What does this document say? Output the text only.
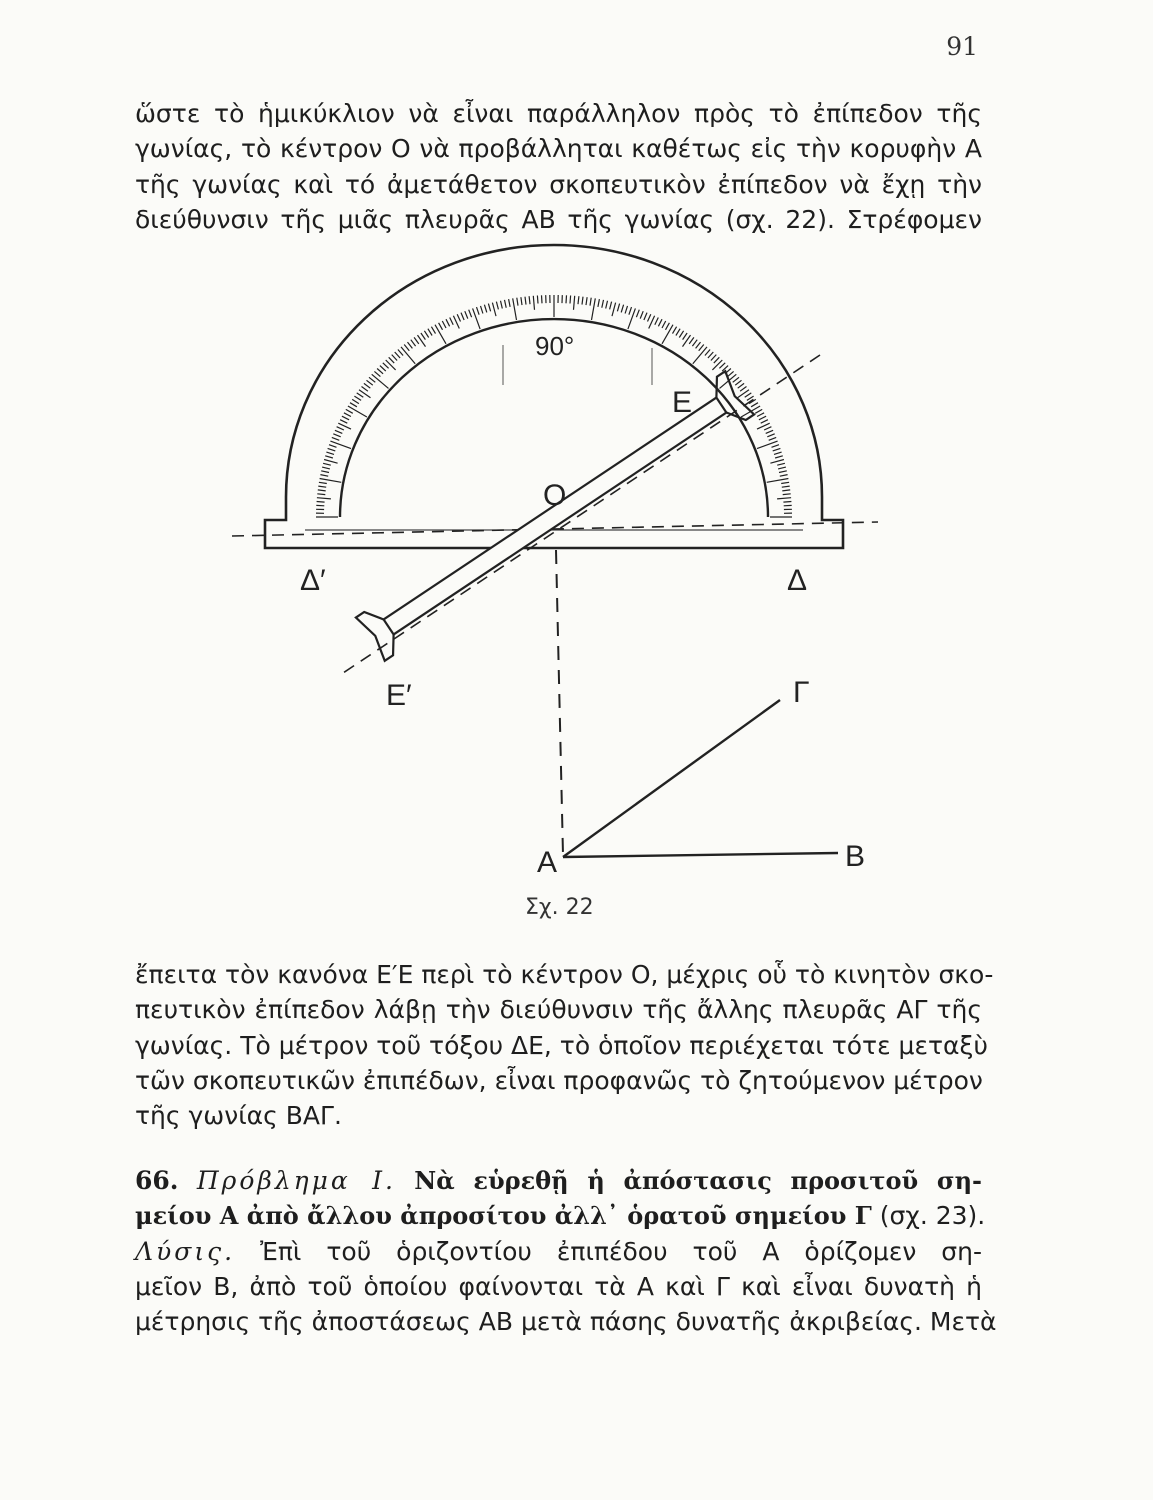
91

ὥστε τὸ ἡμικύκλιον νὰ εἶναι παράλληλον πρὸς τὸ ἐπίπεδον τῆς
γωνίας, τὸ κέντρον Ο νὰ προβάλληται καθέτως εἰς τὴν κορυφὴν Α
τῆς γωνίας καὶ τό ἀμετάθετον σκοπευτικὸν ἐπίπεδον νὰ ἔχῃ τὴν
διεύθυνσιν τῆς μιᾶς πλευρᾶς ΑΒ τῆς γωνίας (σχ. 22). Στρέφομεν

90°
E
O
Δ′	Δ
E′	Γ
Α	Β
Σχ. 22

ἔπειτα τὸν κανόνα Ε′Ε περὶ τὸ κέντρον Ο, μέχρις οὗ τὸ κινητὸν σκο-
πευτικὸν ἐπίπεδον λάβῃ τὴν διεύθυνσιν τῆς ἄλλης πλευρᾶς ΑΓ τῆς
γωνίας. Τὸ μέτρον τοῦ τόξου ΔΕ, τὸ ὁποῖον περιέχεται τότε μεταξὺ
τῶν σκοπευτικῶν ἐπιπέδων, εἶναι προφανῶς τὸ ζητούμενον μέτρον
τῆς γωνίας ΒΑΓ.

66. Πρόβλημα Ι. Νὰ εὑρεθῇ ἡ ἀπόστασις προσιτοῦ ση-
μείου Α ἀπὸ ἄλλου ἀπροσίτου ἀλλ᾽ ὁρατοῦ σημείου Γ (σχ. 23).
Λύσις. Ἐπὶ τοῦ ὁριζοντίου ἐπιπέδου τοῦ Α ὁρίζομεν ση-
μεῖον Β, ἀπὸ τοῦ ὁποίου φαίνονται τὰ Α καὶ Γ καὶ εἶναι δυνατὴ ἡ
μέτρησις τῆς ἀποστάσεως ΑΒ μετὰ πάσης δυνατῆς ἀκριβείας. Μετὰ
